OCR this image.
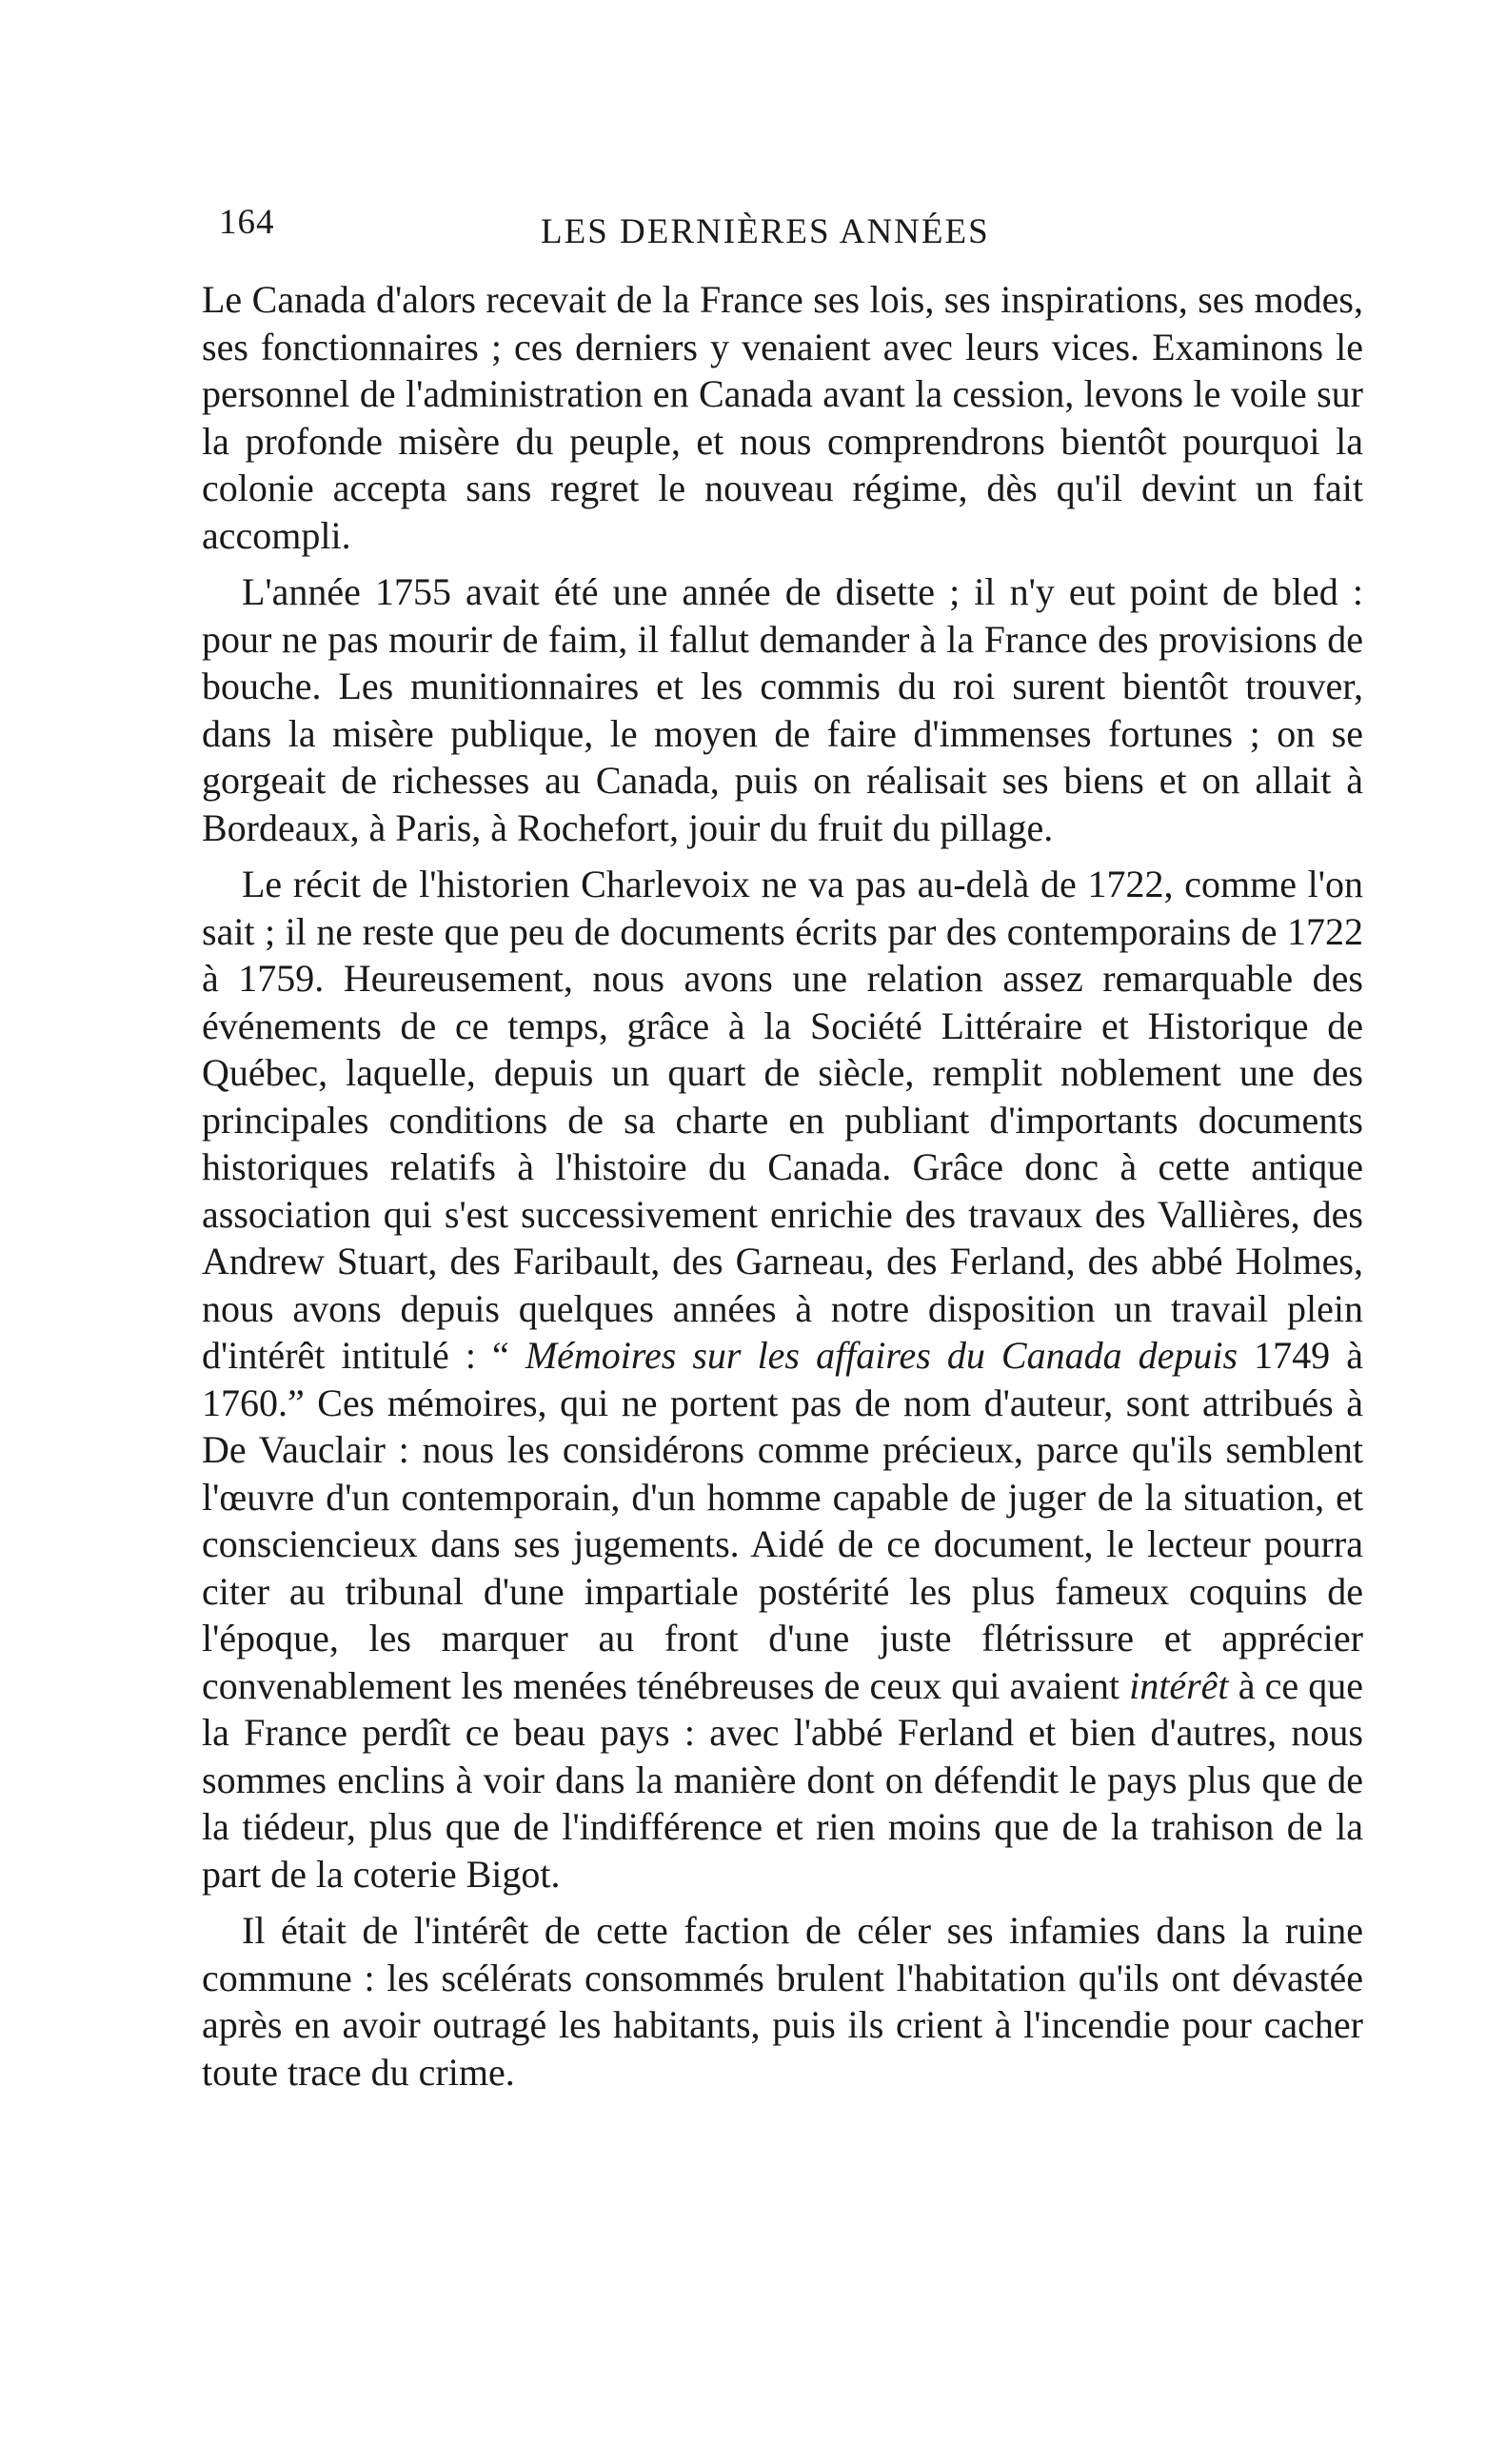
164	LES DERNIÈRES ANNÉES

Le Canada d'alors recevait de la France ses lois, ses inspirations, ses modes, ses fonctionnaires ; ces derniers y venaient avec leurs vices. Examinons le personnel de l'administration en Canada avant la cession, levons le voile sur la profonde misère du peuple, et nous comprendrons bientôt pourquoi la colonie accepta sans regret le nouveau régime, dès qu'il devint un fait accompli.

L'année 1755 avait été une année de disette ; il n'y eut point de bled : pour ne pas mourir de faim, il fallut demander à la France des provisions de bouche. Les munitionnaires et les commis du roi surent bientôt trouver, dans la misère publique, le moyen de faire d'immenses fortunes ; on se gorgeait de richesses au Canada, puis on réalisait ses biens et on allait à Bordeaux, à Paris, à Rochefort, jouir du fruit du pillage.

Le récit de l'historien Charlevoix ne va pas au-delà de 1722, comme l'on sait ; il ne reste que peu de documents écrits par des contemporains de 1722 à 1759. Heureusement, nous avons une relation assez remarquable des événements de ce temps, grâce à la Société Littéraire et Historique de Québec, laquelle, depuis un quart de siècle, remplit noblement une des principales conditions de sa charte en publiant d'importants documents historiques relatifs à l'histoire du Canada. Grâce donc à cette antique association qui s'est successivement enrichie des travaux des Vallières, des Andrew Stuart, des Faribault, des Garneau, des Ferland, des abbé Holmes, nous avons depuis quelques années à notre disposition un travail plein d'intérêt intitulé : “ Mémoires sur les affaires du Canada depuis 1749 à 1760.” Ces mémoires, qui ne portent pas de nom d'auteur, sont attribués à De Vauclair : nous les considérons comme précieux, parce qu'ils semblent l'œuvre d'un contemporain, d'un homme capable de juger de la situation, et consciencieux dans ses jugements. Aidé de ce document, le lecteur pourra citer au tribunal d'une impartiale postérité les plus fameux coquins de l'époque, les marquer au front d'une juste flétrissure et apprécier convenablement les menées ténébreuses de ceux qui avaient intérêt à ce que la France perdît ce beau pays : avec l'abbé Ferland et bien d'autres, nous sommes enclins à voir dans la manière dont on défendit le pays plus que de la tiédeur, plus que de l'indifférence et rien moins que de la trahison de la part de la coterie Bigot.

Il était de l'intérêt de cette faction de céler ses infamies dans la ruine commune : les scélérats consommés brulent l'habitation qu'ils ont dévastée après en avoir outragé les habitants, puis ils crient à l'incendie pour cacher toute trace du crime.
